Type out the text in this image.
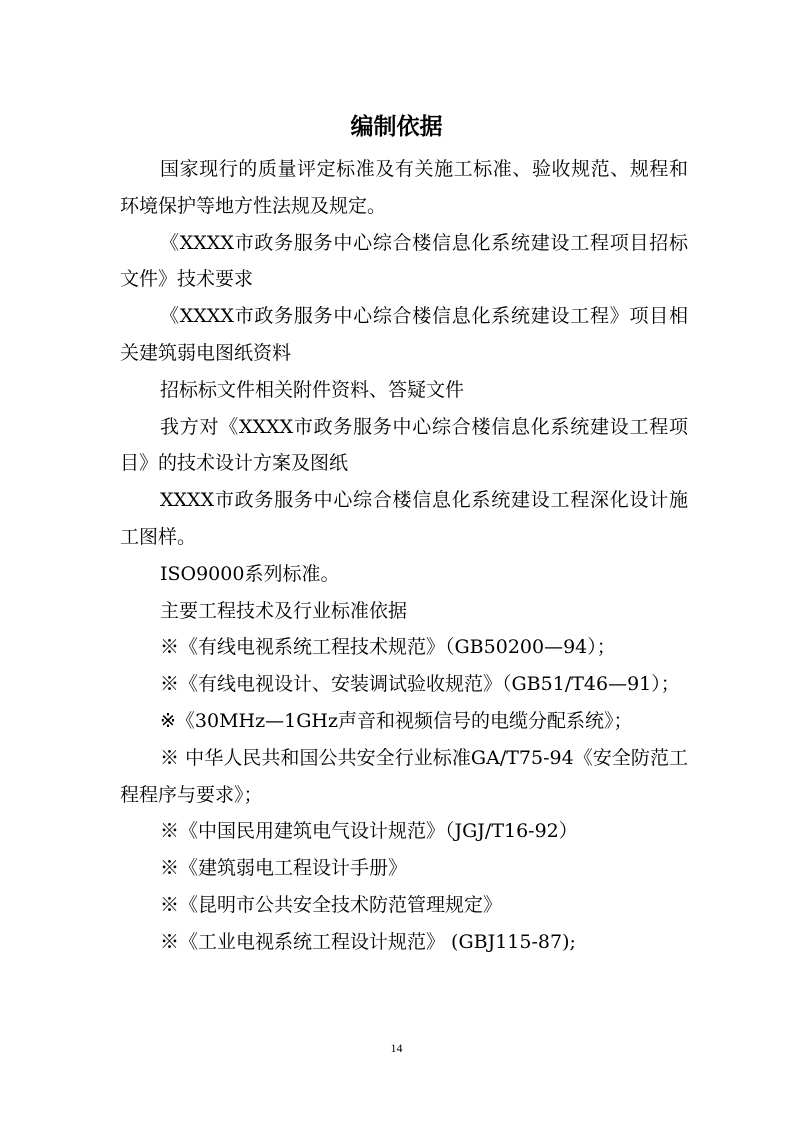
编制依据

国家现行的质量评定标准及有关施工标准、验收规范、规程和环境保护等地方性法规及规定。

《XXXX市政务服务中心综合楼信息化系统建设工程项目招标文件》技术要求

《XXXX市政务服务中心综合楼信息化系统建设工程》项目相关建筑弱电图纸资料

招标标文件相关附件资料、答疑文件

我方对《XXXX市政务服务中心综合楼信息化系统建设工程项目》的技术设计方案及图纸

XXXX市政务服务中心综合楼信息化系统建设工程深化设计施工图样。

ISO9000系列标准。

主要工程技术及行业标准依据

※《有线电视系统工程技术规范》（GB50200—94）；

※《有线电视设计、安装调试验收规范》（GB51/T46—91）；

※《30MHz—1GHz声音和视频信号的电缆分配系统》；

※ 中华人民共和国公共安全行业标准GA/T75-94《安全防范工程程序与要求》；

※《中国民用建筑电气设计规范》（JGJ/T16-92）

※《建筑弱电工程设计手册》

※《昆明市公共安全技术防范管理规定》

※《工业电视系统工程设计规范》 (GBJ115-87);

14
